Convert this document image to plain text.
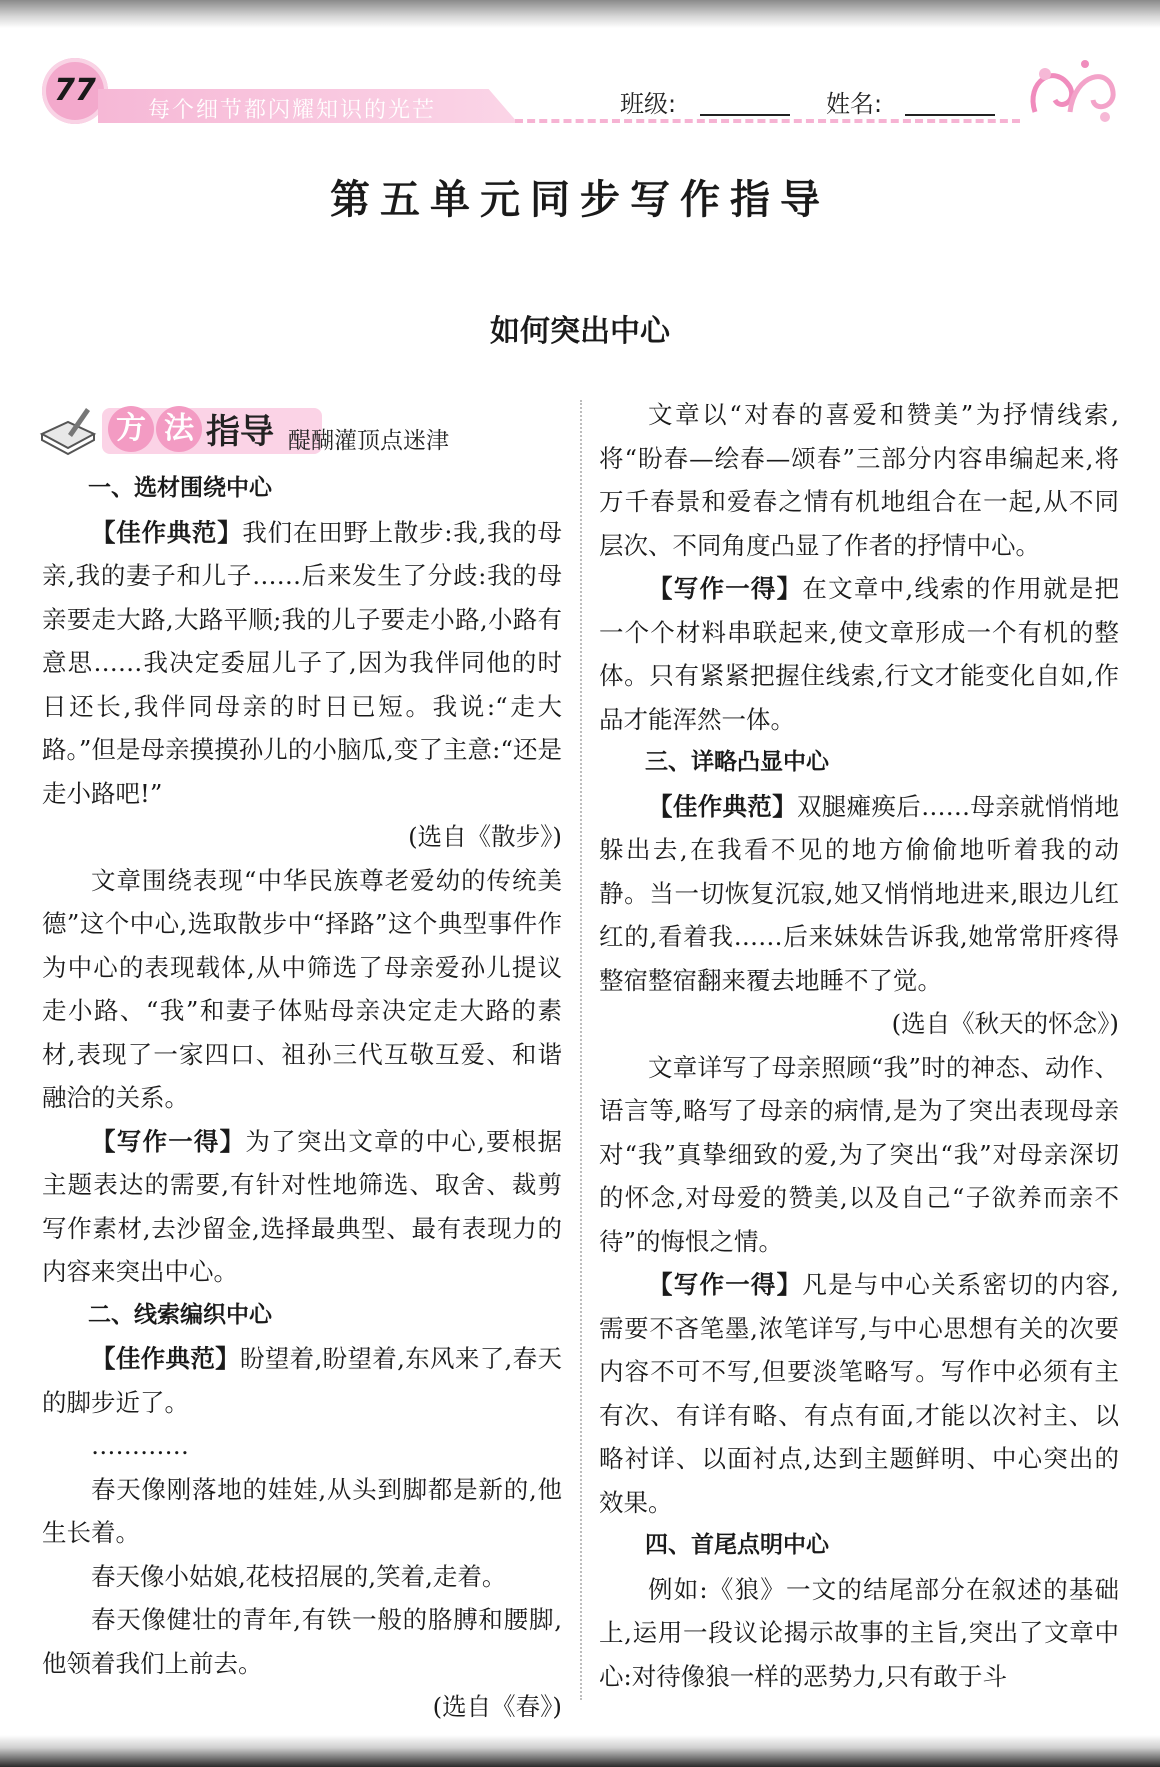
77
每个细节都闪耀知识的光芒	班级:	姓名:
第五单元同步写作指导
如何突出中心
方 法 指导 醍醐灌顶点迷津

一、选材围绕中心

【佳作典范】我们在田野上散步:我,我的母亲,我的妻子和儿子……后来发生了分歧:我的母亲要走大路,大路平顺;我的儿子要走小路,小路有意思……我决定委屈儿子了,因为我伴同他的时日还长,我伴同母亲的时日已短。我说:“走大路。”但是母亲摸摸孙儿的小脑瓜,变了主意:“还是走小路吧!”

(选自《散步》)

文章围绕表现“中华民族尊老爱幼的传统美德”这个中心,选取散步中“择路”这个典型事件作为中心的表现载体,从中筛选了母亲爱孙儿提议走小路、“我”和妻子体贴母亲决定走大路的素材,表现了一家四口、祖孙三代互敬互爱、和谐融洽的关系。

【写作一得】为了突出文章的中心,要根据主题表达的需要,有针对性地筛选、取舍、裁剪写作素材,去沙留金,选择最典型、最有表现力的内容来突出中心。

二、线索编织中心

【佳作典范】盼望着,盼望着,东风来了,春天的脚步近了。

…………

春天像刚落地的娃娃,从头到脚都是新的,他生长着。

春天像小姑娘,花枝招展的,笑着,走着。

春天像健壮的青年,有铁一般的胳膊和腰脚,他领着我们上前去。

(选自《春》)

文章以“对春的喜爱和赞美”为抒情线索,将“盼春—绘春—颂春”三部分内容串编起来,将万千春景和爱春之情有机地组合在一起,从不同层次、不同角度凸显了作者的抒情中心。

【写作一得】在文章中,线索的作用就是把一个个材料串联起来,使文章形成一个有机的整体。只有紧紧把握住线索,行文才能变化自如,作品才能浑然一体。

三、详略凸显中心

【佳作典范】双腿瘫痪后……母亲就悄悄地躲出去,在我看不见的地方偷偷地听着我的动静。当一切恢复沉寂,她又悄悄地进来,眼边儿红红的,看着我……后来妹妹告诉我,她常常肝疼得整宿整宿翻来覆去地睡不了觉。

(选自《秋天的怀念》)

文章详写了母亲照顾“我”时的神态、动作、语言等,略写了母亲的病情,是为了突出表现母亲对“我”真挚细致的爱,为了突出“我”对母亲深切的怀念,对母爱的赞美,以及自己“子欲养而亲不待”的悔恨之情。

【写作一得】凡是与中心关系密切的内容,需要不吝笔墨,浓笔详写,与中心思想有关的次要内容不可不写,但要淡笔略写。写作中必须有主有次、有详有略、有点有面,才能以次衬主、以略衬详、以面衬点,达到主题鲜明、中心突出的效果。

四、首尾点明中心

例如:《狼》一文的结尾部分在叙述的基础上,运用一段议论揭示故事的主旨,突出了文章中心:对待像狼一样的恶势力,只有敢于斗
